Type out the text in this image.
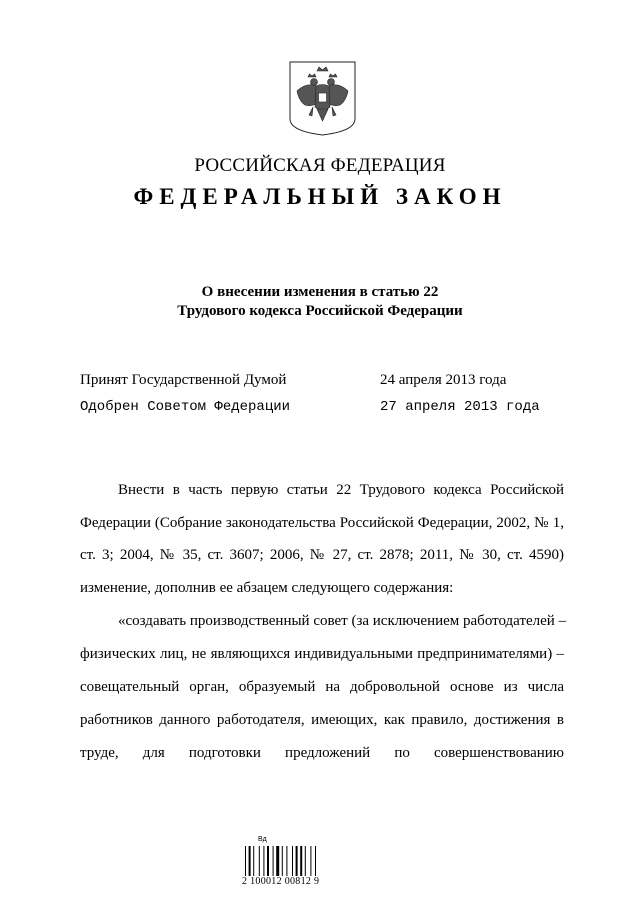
РОССИЙСКАЯ ФЕДЕРАЦИЯ
ФЕДЕРАЛЬНЫЙ ЗАКОН
О внесении изменения в статью 22
Трудового кодекса Российской Федерации
Принят Государственной Думой	24 апреля 2013 года
Одобрен Советом Федерации	27 апреля 2013 года
Внести в часть первую статьи 22 Трудового кодекса Российской
Федерации (Собрание законодательства Российской Федерации, 2002, № 1,
ст. 3; 2004, № 35, ст. 3607; 2006, № 27, ст. 2878; 2011, № 30, ст. 4590)
изменение, дополнив ее абзацем следующего содержания:
«создавать производственный совет (за исключением работодателей –
физических лиц, не являющихся индивидуальными предпринимателями) –
совещательный орган, образуемый на добровольной основе из числа
работников данного работодателя, имеющих, как правило, достижения в
труде, для подготовки предложений по совершенствованию
Вд
2 100012 00812 9
